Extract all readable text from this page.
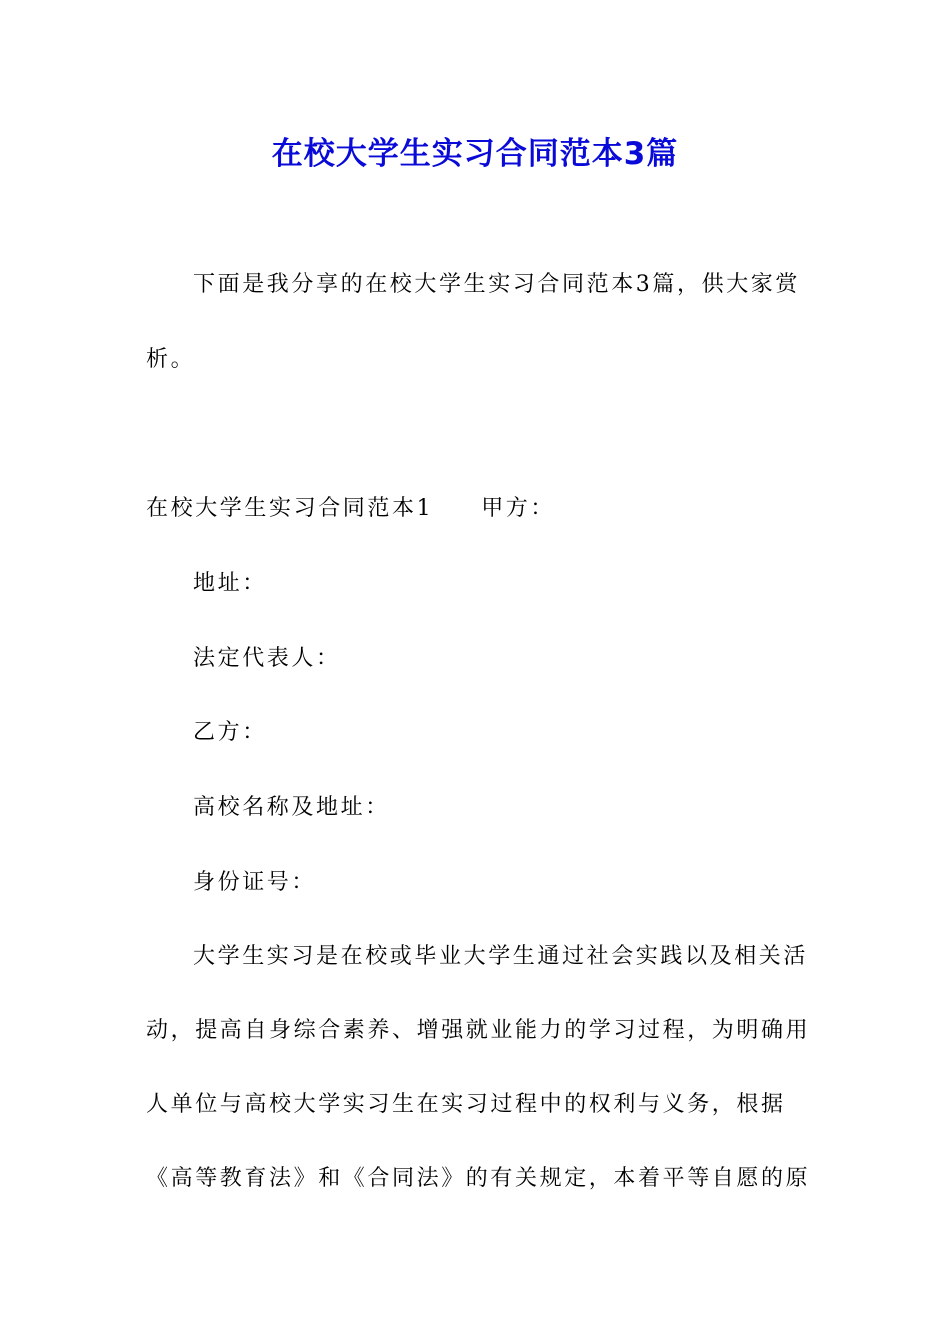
在校大学生实习合同范本3篇

下面是我分享的在校大学生实习合同范本3篇，供大家赏

析。

在校大学生实习合同范本1 甲方：

地址：

法定代表人：

乙方：

高校名称及地址：

身份证号：

大学生实习是在校或毕业大学生通过社会实践以及相关活

动，提高自身综合素养、增强就业能力的学习过程，为明确用

人单位与高校大学实习生在实习过程中的权利与义务，根据

《高等教育法》和《合同法》的有关规定，本着平等自愿的原
